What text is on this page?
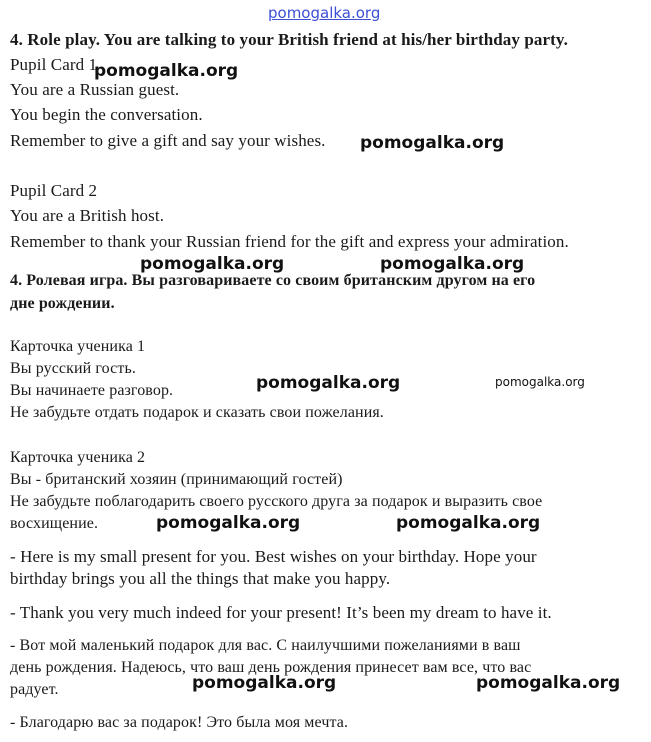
pomogalka.org
4. Role play. You are talking to your British friend at his/her birthday party.
Pupil Card 1
You are a Russian guest.
You begin the conversation.
Remember to give a gift and say your wishes.
Pupil Card 2
You are a British host.
Remember to thank your Russian friend for the gift and express your admiration.
4. Ролевая игра. Вы разговариваете со своим британским другом на его
дне рождении.
Карточка ученика 1
Вы русский гость.
Вы начинаете разговор.
Не забудьте отдать подарок и сказать свои пожелания.
Карточка ученика 2
Вы - британский хозяин (принимающий гостей)
Не забудьте поблагодарить своего русского друга за подарок и выразить свое
восхищение.
- Here is my small present for you. Best wishes on your birthday. Hope your
birthday brings you all the things that make you happy.
- Thank you very much indeed for your present! It’s been my dream to have it.
- Вот мой маленький подарок для вас. С наилучшими пожеланиями в ваш
день рождения. Надеюсь, что ваш день рождения принесет вам все, что вас
радует.
- Благодарю вас за подарок! Это была моя мечта.
pomogalka.org
pomogalka.org
pomogalka.org	pomogalka.org
pomogalka.org	pomogalka.org
pomogalka.org	pomogalka.org
pomogalka.org	pomogalka.org
